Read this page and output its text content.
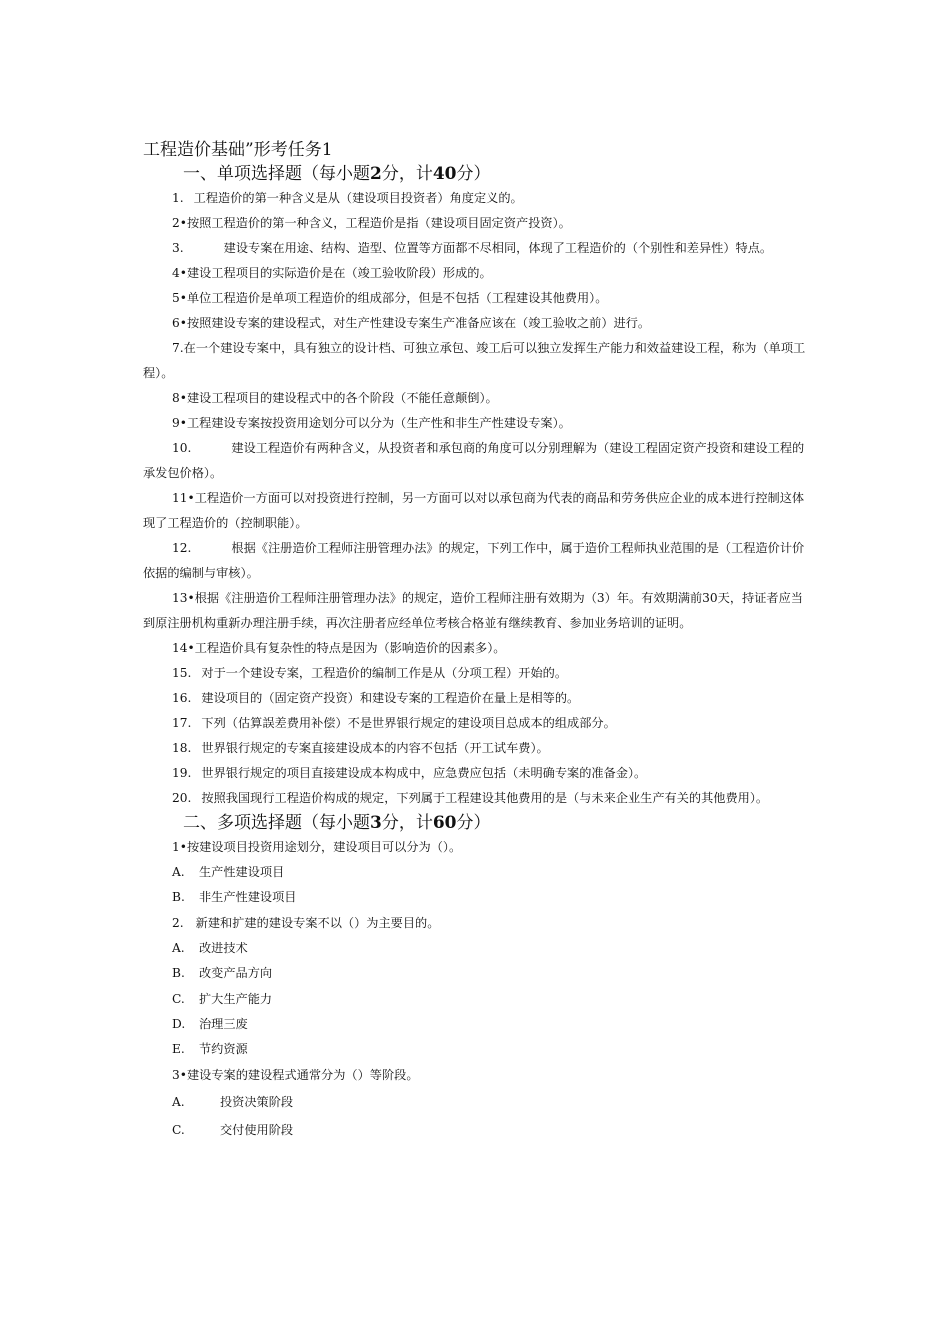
工程造价基础”形考任务1
一、单项选择题（每小题2分，计40分）

1. 工程造价的第一种含义是从（建设项目投资者）角度定义的。

2•按照工程造价的第一种含义，工程造价是指（建设项目固定资产投资）。

3.	建设专案在用途、结构、造型、位置等方面都不尽相同，体现了工程造价的（个别性和差异性）特点。

4•建设工程项目的实际造价是在（竣工验收阶段）形成的。

5•单位工程造价是单项工程造价的组成部分，但是不包括（工程建设其他费用）。

6•按照建设专案的建设程式，对生产性建设专案生产准备应该在（竣工验收之前）进行。

7.在一个建设专案中，具有独立的设计档、可独立承包、竣工后可以独立发挥生产能力和效益建设工程，称为（单项工程）。

8•建设工程项目的建设程式中的各个阶段（不能任意颠倒）。

9•工程建设专案按投资用途划分可以分为（生产性和非生产性建设专案）。

10.	建设工程造价有两种含义，从投资者和承包商的角度可以分别理解为（建设工程固定资产投资和建设工程的承发包价格）。

11•工程造价一方面可以对投资进行控制，另一方面可以对以承包商为代表的商品和劳务供应企业的成本进行控制这体现了工程造价的（控制职能）。

12.	根据《注册造价工程师注册管理办法》的规定，下列工作中，属于造价工程师执业范围的是（工程造价计价依据的编制与审核）。

13•根据《注册造价工程师注册管理办法》的规定，造价工程师注册有效期为（3）年。有效期满前30天，持证者应当到原注册机构重新办理注册手续，再次注册者应经单位考核合格並有继续教育、参加业务培训的证明。

14•工程造价具有复杂性的特点是因为（影响造价的因素多）。

15. 对于一个建设专案，工程造价的编制工作是从（分项工程）开始的。

16. 建设项目的（固定资产投资）和建设专案的工程造价在量上是相等的。

17. 下列（估算誤差费用补偿）不是世界银行规定的建设项目总成本的组成部分。

18. 世界银行规定的专案直接建设成本的内容不包括（开工试车费）。

19. 世界银行规定的项目直接建设成本构成中，应急费应包括（未明确专案的准备金）。

20. 按照我国现行工程造价构成的规定，下列属于工程建设其他费用的是（与未来企业生产有关的其他费用）。

二、多项选择题（每小题3分，计60分）

1•按建设项目投资用途划分，建设项目可以分为（）。

A. 生产性建设项目

B. 非生产性建设项目

2. 新建和扩建的建设专案不以（）为主要目的。

A. 改进技术

B. 改变产品方向

C. 扩大生产能力

D. 治理三废

E. 节约资源

3•建设专案的建设程式通常分为（）等阶段。

A.	投资决策阶段

C.	交付使用阶段
